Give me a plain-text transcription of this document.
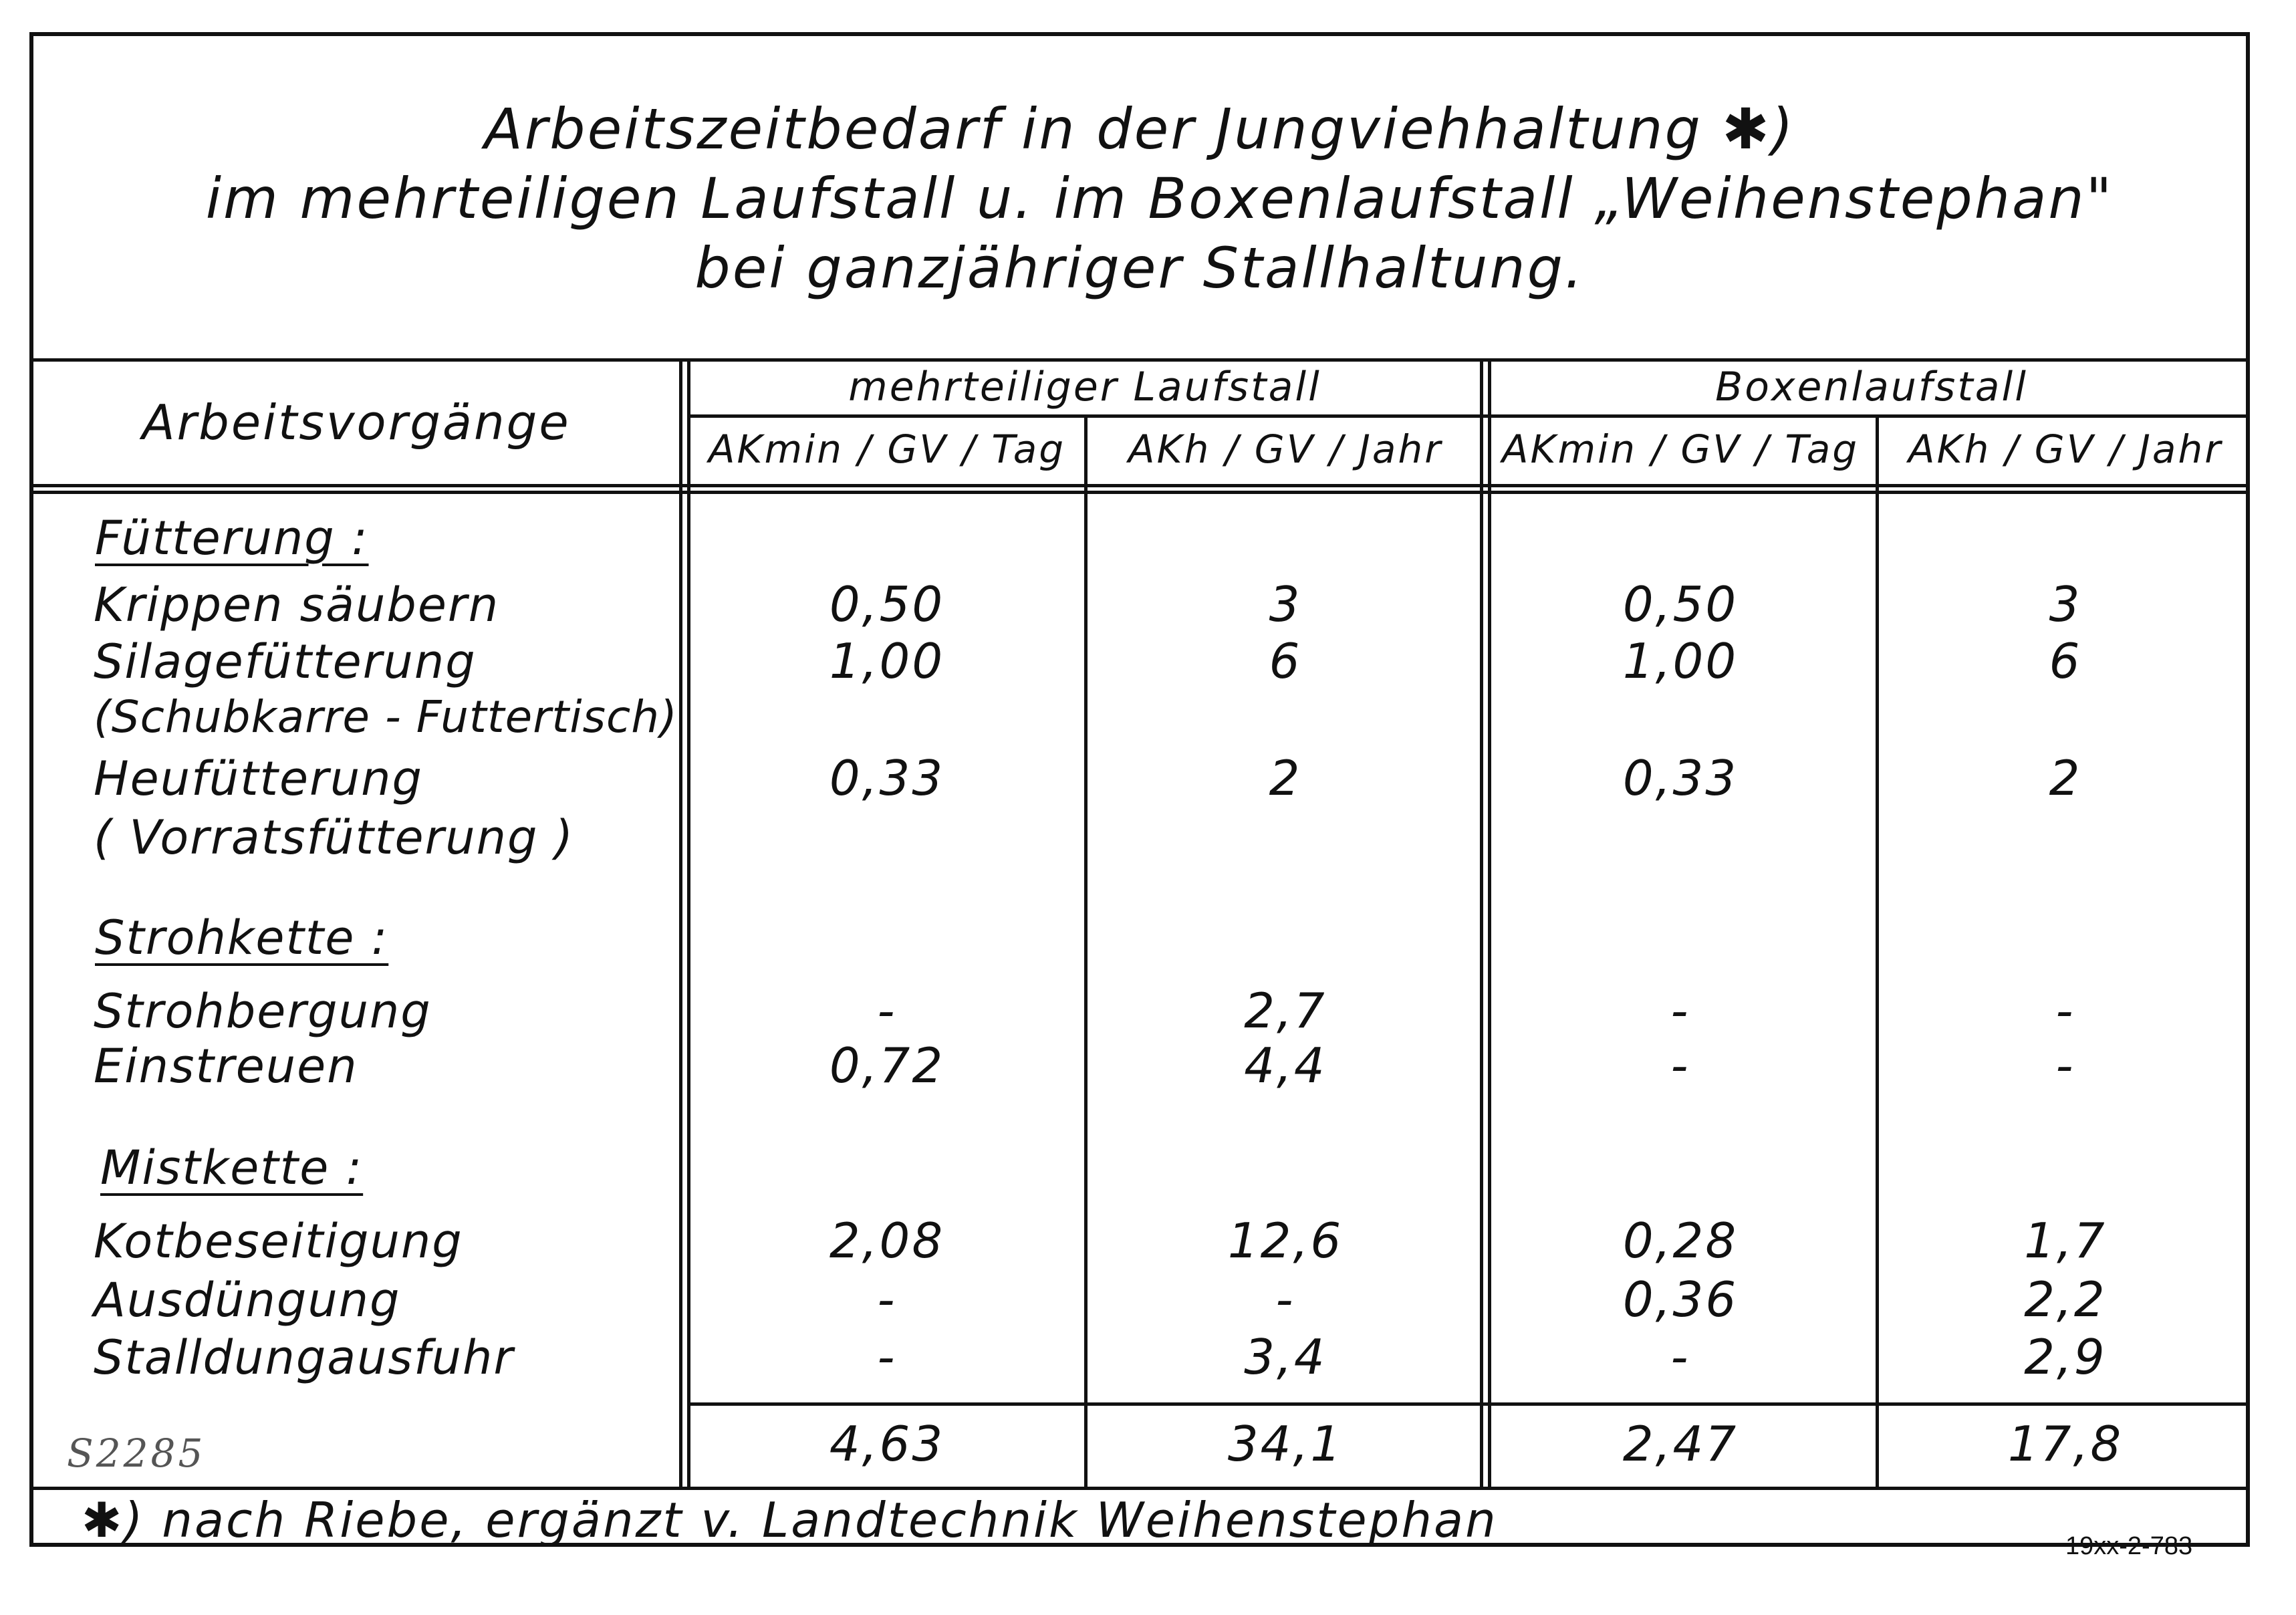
Arbeitszeitbedarf in der Jungviehhaltung ✱)
im mehrteiligen Laufstall u. im Boxenlaufstall „Weihenstephan"
bei ganzjähriger Stallhaltung.
Arbeitsvorgänge
mehrteiliger Laufstall	Boxenlaufstall
AKmin / GV / Tag	AKh / GV / Jahr	AKmin / GV / Tag	AKh / GV / Jahr
Fütterung :
Krippen säubern	0,50	3	0,50	3
Silagefütterung	1,00	6	1,00	6
(Schubkarre - Futtertisch)
Heufütterung	0,33	2	0,33	2
( Vorratsfütterung )
Strohkette :
Strohbergung	-	2,7	-	-
Einstreuen	0,72	4,4	-	-
Mistkette :
Kotbeseitigung	2,08	12,6	0,28	1,7
Ausdüngung	-	-	0,36	2,2
Stalldungausfuhr	-	3,4	-	2,9
4,63	34,1	2,47	17,8
S2285
✱) nach Riebe, ergänzt v. Landtechnik Weihenstephan	19xx-2-783
